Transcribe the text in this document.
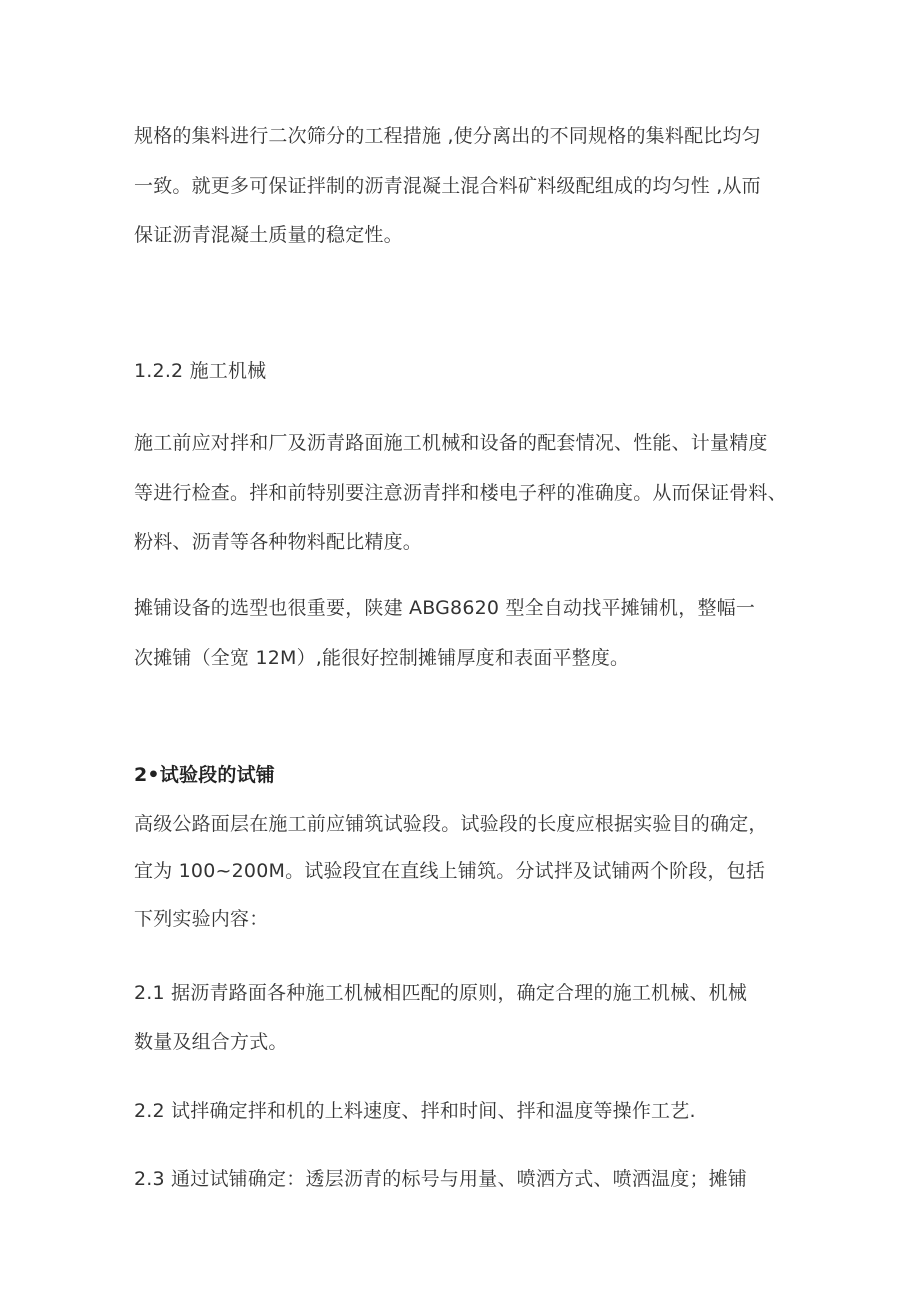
规格的集料进行二次筛分的工程措施 ,使分离出的不同规格的集料配比均匀
一致。就更多可保证拌制的沥青混凝土混合料矿料级配组成的均匀性 ,从而
保证沥青混凝土质量的稳定性。
1.2.2 施工机械
施工前应对拌和厂及沥青路面施工机械和设备的配套情况、性能、计量精度
等进行检查。拌和前特别要注意沥青拌和楼电子秤的准确度。从而保证骨料、
粉料、沥青等各种物料配比精度。
摊铺设备的选型也很重要，陕建 ABG8620 型全自动找平摊铺机，整幅一
次摊铺（全宽 12M）,能很好控制摊铺厚度和表面平整度。
2•试验段的试铺
高级公路面层在施工前应铺筑试验段。试验段的长度应根据实验目的确定，
宜为 100~200M。试验段宜在直线上铺筑。分试拌及试铺两个阶段，包括
下列实验内容：
2.1 据沥青路面各种施工机械相匹配的原则，确定合理的施工机械、机械
数量及组合方式。
2.2 试拌确定拌和机的上料速度、拌和时间、拌和温度等操作工艺.
2.3 通过试铺确定：透层沥青的标号与用量、喷洒方式、喷洒温度；摊铺
